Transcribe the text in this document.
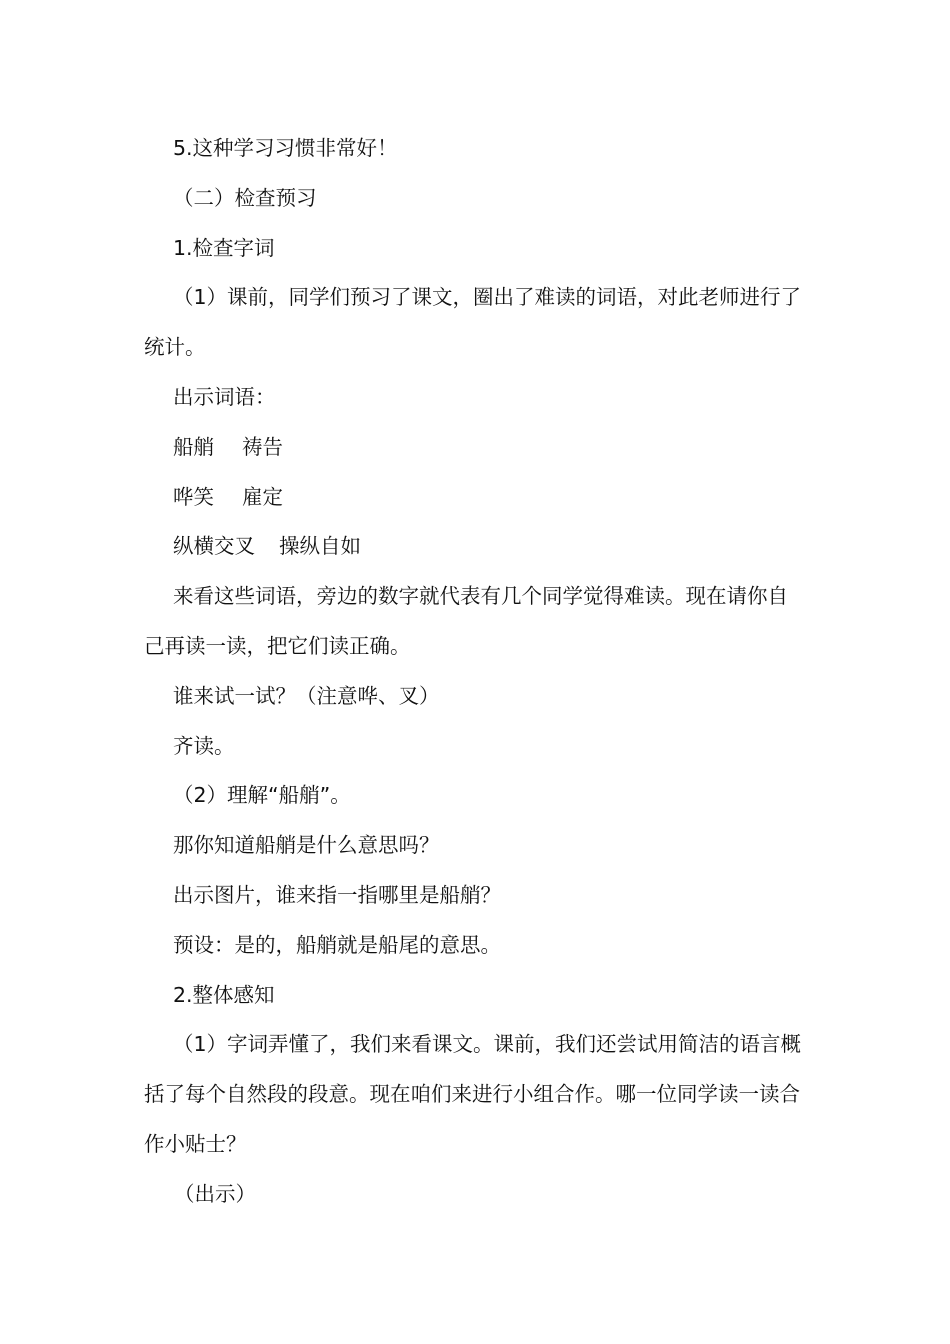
5.这种学习习惯非常好！

（二）检查预习

1.检查字词

（1）课前，同学们预习了课文，圈出了难读的词语，对此老师进行了统计。

出示词语：

船艄 祷告

哗笑 雇定

纵横交叉 操纵自如

来看这些词语，旁边的数字就代表有几个同学觉得难读。现在请你自己再读一读，把它们读正确。

谁来试一试？（注意哗、叉）

齐读。

（2）理解“船艄”。

那你知道船艄是什么意思吗？

出示图片，谁来指一指哪里是船艄？

预设：是的，船艄就是船尾的意思。

2.整体感知

（1）字词弄懂了，我们来看课文。课前，我们还尝试用简洁的语言概括了每个自然段的段意。现在咱们来进行小组合作。哪一位同学读一读合作小贴士？

（出示）
